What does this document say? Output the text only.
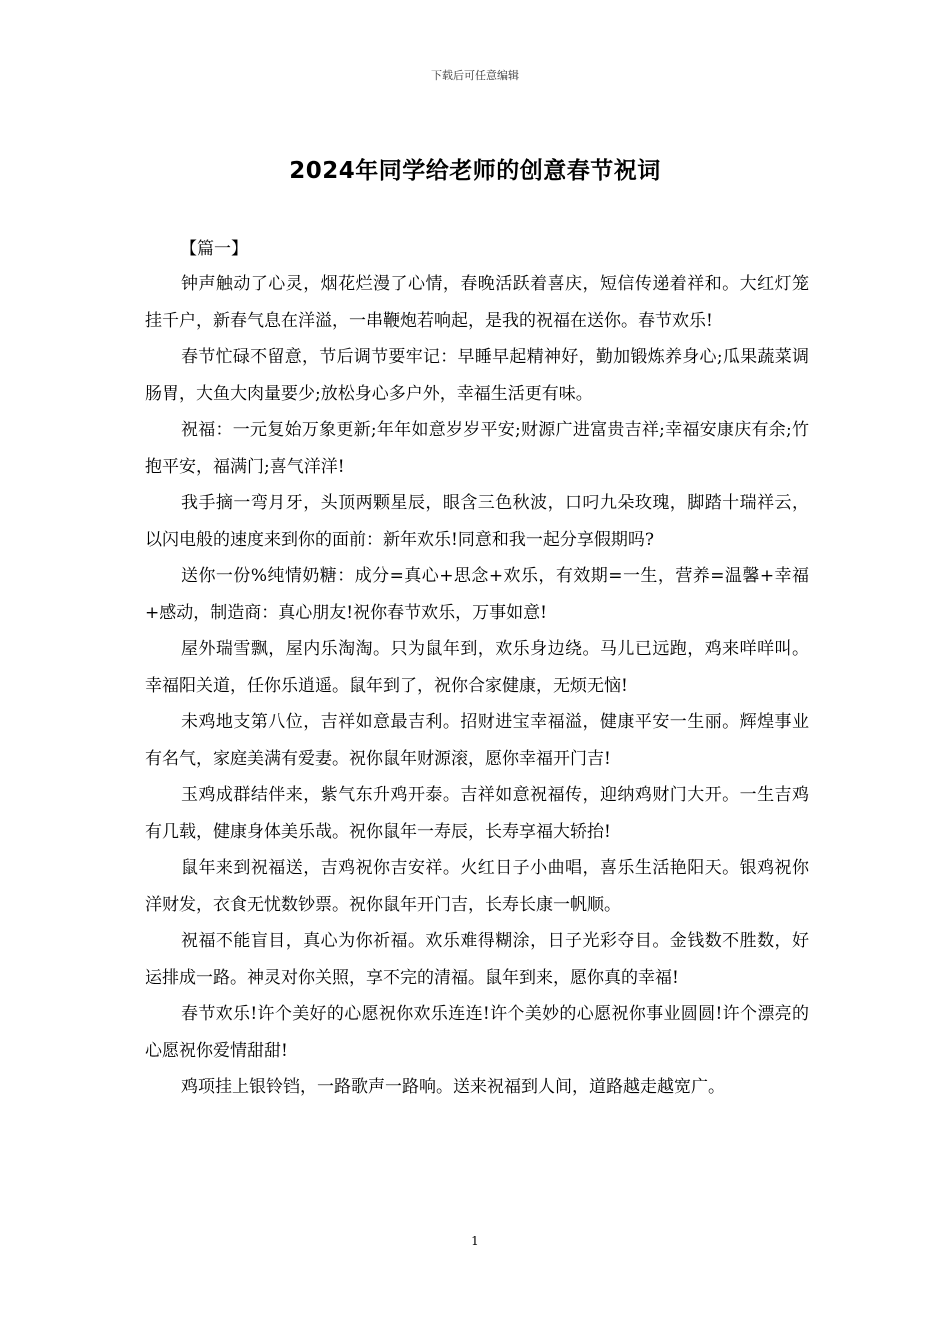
下载后可任意编辑
2024年同学给老师的创意春节祝词
【篇一】

钟声触动了心灵，烟花烂漫了心情，春晚活跃着喜庆，短信传递着祥和。大红灯笼挂千户，新春气息在洋溢，一串鞭炮若响起，是我的祝福在送你。春节欢乐!

春节忙碌不留意，节后调节要牢记：早睡早起精神好，勤加锻炼养身心;瓜果蔬菜调肠胃，大鱼大肉量要少;放松身心多户外，幸福生活更有味。

祝福：一元复始万象更新;年年如意岁岁平安;财源广进富贵吉祥;幸福安康庆有余;竹抱平安，福满门;喜气洋洋!

我手摘一弯月牙，头顶两颗星辰，眼含三色秋波，口叼九朵玫瑰，脚踏十瑞祥云，以闪电般的速度来到你的面前：新年欢乐!同意和我一起分享假期吗?

送你一份%纯情奶糖：成分=真心+思念+欢乐，有效期=一生，营养=温馨+幸福+感动，制造商：真心朋友!祝你春节欢乐，万事如意!

屋外瑞雪飘，屋内乐淘淘。只为鼠年到，欢乐身边绕。马儿已远跑，鸡来咩咩叫。幸福阳关道，任你乐逍遥。鼠年到了，祝你合家健康，无烦无恼!

未鸡地支第八位，吉祥如意最吉利。招财进宝幸福溢，健康平安一生丽。辉煌事业有名气，家庭美满有爱妻。祝你鼠年财源滚，愿你幸福开门吉!

玉鸡成群结伴来，紫气东升鸡开泰。吉祥如意祝福传，迎纳鸡财门大开。一生吉鸡有几载，健康身体美乐哉。祝你鼠年一寿辰，长寿享福大轿抬!

鼠年来到祝福送，吉鸡祝你吉安祥。火红日子小曲唱，喜乐生活艳阳天。银鸡祝你洋财发，衣食无忧数钞票。祝你鼠年开门吉，长寿长康一帆顺。

祝福不能盲目，真心为你祈福。欢乐难得糊涂，日子光彩夺目。金钱数不胜数，好运排成一路。神灵对你关照，享不完的清福。鼠年到来，愿你真的幸福!

春节欢乐!许个美好的心愿祝你欢乐连连!许个美妙的心愿祝你事业圆圆!许个漂亮的心愿祝你爱情甜甜!

鸡项挂上银铃铛，一路歌声一路响。送来祝福到人间，道路越走越宽广。

1
